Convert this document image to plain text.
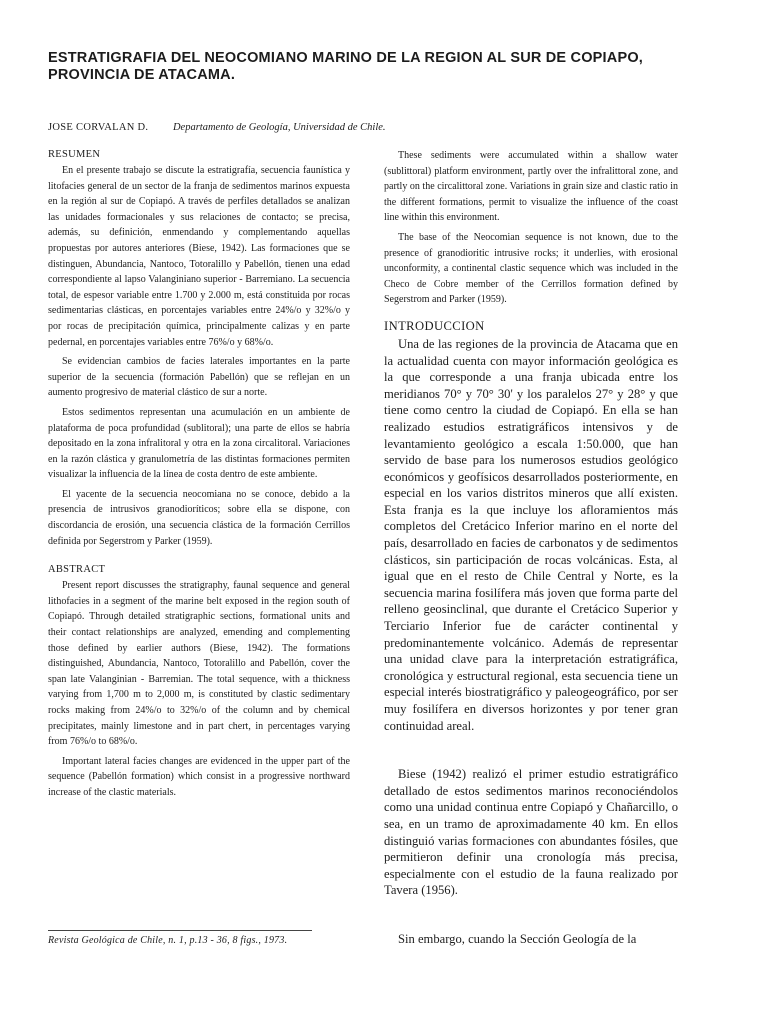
ESTRATIGRAFIA DEL NEOCOMIANO MARINO DE LA REGION AL SUR DE COPIAPO,
PROVINCIA DE ATACAMA.
JOSE CORVALAN D. Departamento de Geología, Universidad de Chile.
RESUMEN

En el presente trabajo se discute la estratigrafía, secuencia faunística y litofacies general de un sector de la franja de sedimentos marinos expuesta en la región al sur de Copiapó. A través de perfiles detallados se analizan las unidades formacionales y sus relaciones de contacto; se precisa, además, su definición, enmendando y complementando aquellas propuestas por autores anteriores (Biese, 1942). Las formaciones que se distinguen, Abundancia, Nantoco, Totoralillo y Pabellón, tienen una edad correspondiente al lapso Valanginiano superior - Barremiano. La secuencia total, de espesor variable entre 1.700 y 2.000 m, está constituida por rocas sedimentarias clásticas, en porcentajes variables entre 24%/o y 32%/o y por rocas de precipitación química, principalmente calizas y en parte pedernal, en porcentajes variables entre 76%/o y 68%/o.

Se evidencian cambios de facies laterales importantes en la parte superior de la secuencia (formación Pabellón) que se reflejan en un aumento progresivo de material clástico de sur a norte.

Estos sedimentos representan una acumulación en un ambiente de plataforma de poca profundidad (sublitoral); una parte de ellos se habría depositado en la zona infralitoral y otra en la zona circalitoral. Variaciones en la razón clástica y granulometría de las distintas formaciones permiten visualizar la influencia de la línea de costa dentro de este ambiente.

El yacente de la secuencia neocomiana no se conoce, debido a la presencia de intrusivos granodioríticos; sobre ella se dispone, con discordancia de erosión, una secuencia clástica de la formación Cerrillos definida por Segerstrom y Parker (1959).

ABSTRACT

Present report discusses the stratigraphy, faunal sequence and general lithofacies in a segment of the marine belt exposed in the region south of Copiapó. Through detailed stratigraphic sections, formational units and their contact relationships are analyzed, emending and complementing those defined by earlier authors (Biese, 1942). The formations distinguished, Abundancia, Nantoco, Totoralillo and Pabellón, cover the span late Valanginian - Barremian. The total sequence, with a thickness varying from 1,700 m to 2,000 m, is constituted by clastic sedimentary rocks making from 24%/o to 32%/o of the column and by chemical precipitates, mainly limestone and in part chert, in percentages varying from 76%/o to 68%/o.

Important lateral facies changes are evidenced in the upper part of the sequence (Pabellón formation) which consist in a progressive northward increase of the clastic materials.

These sediments were accumulated within a shallow water (sublittoral) platform environment, partly over the infralittoral zone, and partly on the circalittoral zone. Variations in grain size and clastic ratio in the different formations, permit to visualize the influence of the coast line within this environment.

The base of the Neocomian sequence is not known, due to the presence of granodioritic intrusive rocks; it underlies, with erosional unconformity, a continental clastic sequence which was included in the Checo de Cobre member of the Cerrillos formation defined by Segerstrom and Parker (1959).

INTRODUCCION

Una de las regiones de la provincia de Atacama que en la actualidad cuenta con mayor información geológica es la que corresponde a una franja ubicada entre los meridianos 70° y 70° 30' y los paralelos 27° y 28° y que tiene como centro la ciudad de Copiapó. En ella se han realizado estudios estratigráficos intensivos y de levantamiento geológico a escala 1:50.000, que han servido de base para los numerosos estudios geológico económicos y geofísicos desarrollados posteriormente, en especial en los varios distritos mineros que allí existen. Esta franja es la que incluye los afloramientos más completos del Cretácico Inferior marino en el norte del país, desarrollado en facies de carbonatos y de sedimentos clásticos, sin participación de rocas volcánicas. Esta, al igual que en el resto de Chile Central y Norte, es la secuencia marina fosilífera más joven que forma parte del relleno geosinclinal, que durante el Cretácico Superior y Terciario Inferior fue de carácter continental y predominantemente volcánico. Además de representar una unidad clave para la interpretación estratigráfica, cronológica y estructural regional, esta secuencia tiene un especial interés biostratigráfico y paleogeográfico, por ser muy fosilífera en diversos horizontes y por tener gran continuidad areal.

Biese (1942) realizó el primer estudio estratigráfico detallado de estos sedimentos marinos reconociéndolos como una unidad continua entre Copiapó y Chañarcillo, o sea, en un tramo de aproximadamente 40 km. En ellos distinguió varias formaciones con abundantes fósiles, que permitieron definir una cronología más precisa, especialmente con el estudio de la fauna realizado por Tavera (1956).

Sin embargo, cuando la Sección Geología de la

Revista Geológica de Chile, n. 1, p.13 - 36, 8 figs., 1973.
